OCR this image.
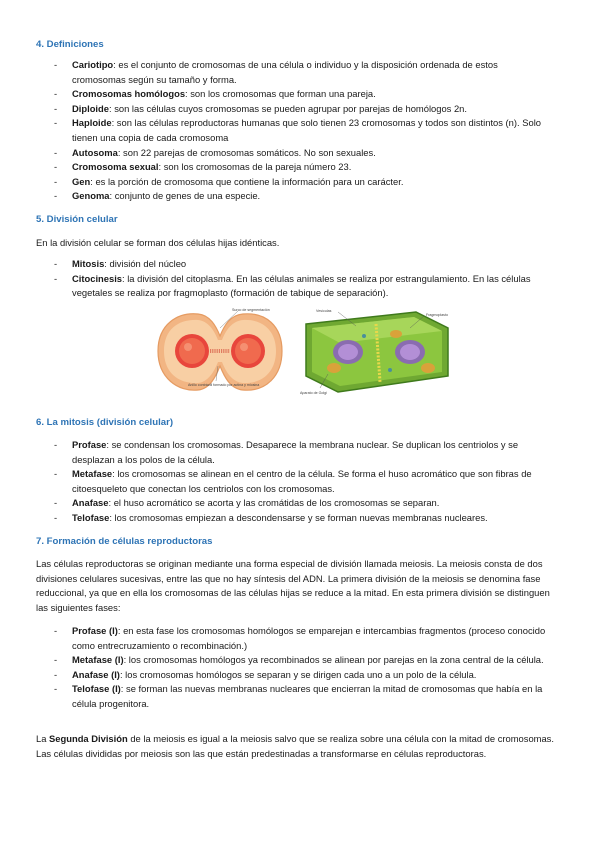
4. Definiciones
- Cariotipo: es el conjunto de cromosomas de una célula o individuo y la disposición ordenada de estos cromosomas según su tamaño y forma.
- Cromosomas homólogos: son los cromosomas que forman una pareja.
- Diploide: son las células cuyos cromosomas se pueden agrupar por parejas de homólogos 2n.
- Haploide: son las células reproductoras humanas que solo tienen 23 cromosomas y todos son distintos (n). Solo tienen una copia de cada cromosoma
- Autosoma: son 22 parejas de cromosomas somáticos. No son sexuales.
- Cromosoma sexual: son los cromosomas de la pareja número 23.
- Gen: es la porción de cromosoma que contiene la información para un carácter.
- Genoma: conjunto de genes de una especie.
5. División celular
En la división celular se forman dos células hijas idénticas.
- Mitosis: división del núcleo
- Citocinesis: la división del citoplasma. En las células animales se realiza por estrangulamiento. En las células vegetales se realiza por fragmoplasto (formación de tabique de separación).
Surco de segmentación
Anillo contráctil formado por actina y miosina
Vesículas
Fragmoplasto
Aparato de Golgi
6. La mitosis (división celular)
- Profase: se condensan los cromosomas. Desaparece la membrana nuclear. Se duplican los centriolos y se desplazan a los polos de la célula.
- Metafase: los cromosomas se alinean en el centro de la célula. Se forma el huso acromático que son fibras de citoesqueleto que conectan los centriolos con los cromosomas.
- Anafase: el huso acromático se acorta y las cromátidas de los cromosomas se separan.
- Telofase: los cromosomas empiezan a descondensarse y se forman nuevas membranas nucleares.
7. Formación de células reproductoras
Las células reproductoras se originan mediante una forma especial de división llamada meiosis. La meiosis consta de dos divisiones celulares sucesivas, entre las que no hay síntesis del ADN. La primera división de la meiosis se denomina fase reduccional, ya que en ella los cromosomas de las células hijas se reduce a la mitad. En esta primera división se distinguen las siguientes fases:
- Profase (I): en esta fase los cromosomas homólogos se emparejan e intercambias fragmentos (proceso conocido como entrecruzamiento o recombinación.)
- Metafase (I): los cromosomas homólogos ya recombinados se alinean por parejas en la zona central de la célula.
- Anafase (I): los cromosomas homólogos se separan y se dirigen cada uno a un polo de la célula.
- Telofase (I): se forman las nuevas membranas nucleares que encierran la mitad de cromosomas que había en la célula progenitora.
La Segunda División de la meiosis es igual a la meiosis salvo que se realiza sobre una célula con la mitad de cromosomas. Las células divididas por meiosis son las que están predestinadas a transformarse en células reproductoras.
